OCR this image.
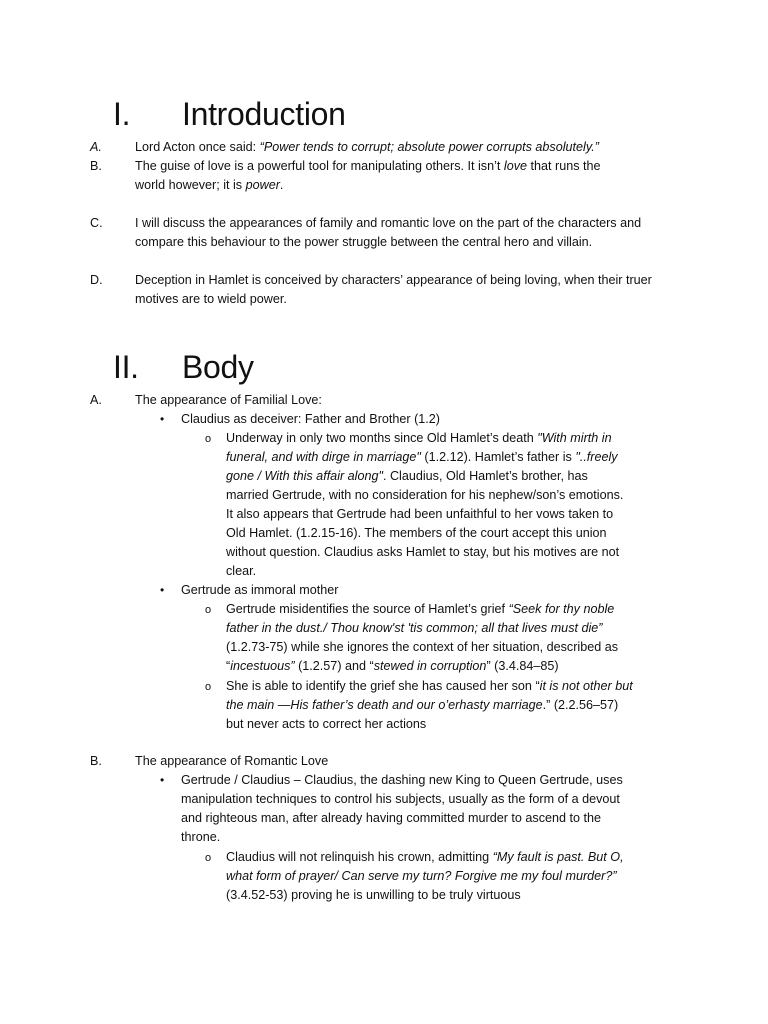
I. Introduction
A.	Lord Acton once said: “Power tends to corrupt; absolute power corrupts absolutely.”
B.	The guise of love is a powerful tool for manipulating others. It isn’t love that runs the
world however; it is power.
C.	I will discuss the appearances of family and romantic love on the part of the characters and compare this behaviour to the power struggle between the central hero and villain.
D.	Deception in Hamlet is conceived by characters’ appearance of being loving, when their truer motives are to wield power.
II. Body
A.	The appearance of Familial Love:
• Claudius as deceiver: Father and Brother (1.2)
o Underway in only two months since Old Hamlet’s death "With mirth in
funeral, and with dirge in marriage" (1.2.12). Hamlet’s father is "..freely
gone / With this affair along". Claudius, Old Hamlet’s brother, has
married Gertrude, with no consideration for his nephew/son’s emotions.
It also appears that Gertrude had been unfaithful to her vows taken to
Old Hamlet. (1.2.15-16). The members of the court accept this union
without question. Claudius asks Hamlet to stay, but his motives are not
clear.
• Gertrude as immoral mother
o Gertrude misidentifies the source of Hamlet’s grief “Seek for thy noble
father in the dust./ Thou know'st 'tis common; all that lives must die”
(1.2.73-75) while she ignores the context of her situation, described as
“incestuous” (1.2.57) and “stewed in corruption” (3.4.84–85)
o She is able to identify the grief she has caused her son “it is not other but
the main —His father’s death and our o’erhasty marriage.” (2.2.56–57)
but never acts to correct her actions
B.	The appearance of Romantic Love
• Gertrude / Claudius – Claudius, the dashing new King to Queen Gertrude, uses
manipulation techniques to control his subjects, usually as the form of a devout
and righteous man, after already having committed murder to ascend to the
throne.
o Claudius will not relinquish his crown, admitting “My fault is past. But O,
what form of prayer/ Can serve my turn? Forgive me my foul murder?”
(3.4.52-53) proving he is unwilling to be truly virtuous
